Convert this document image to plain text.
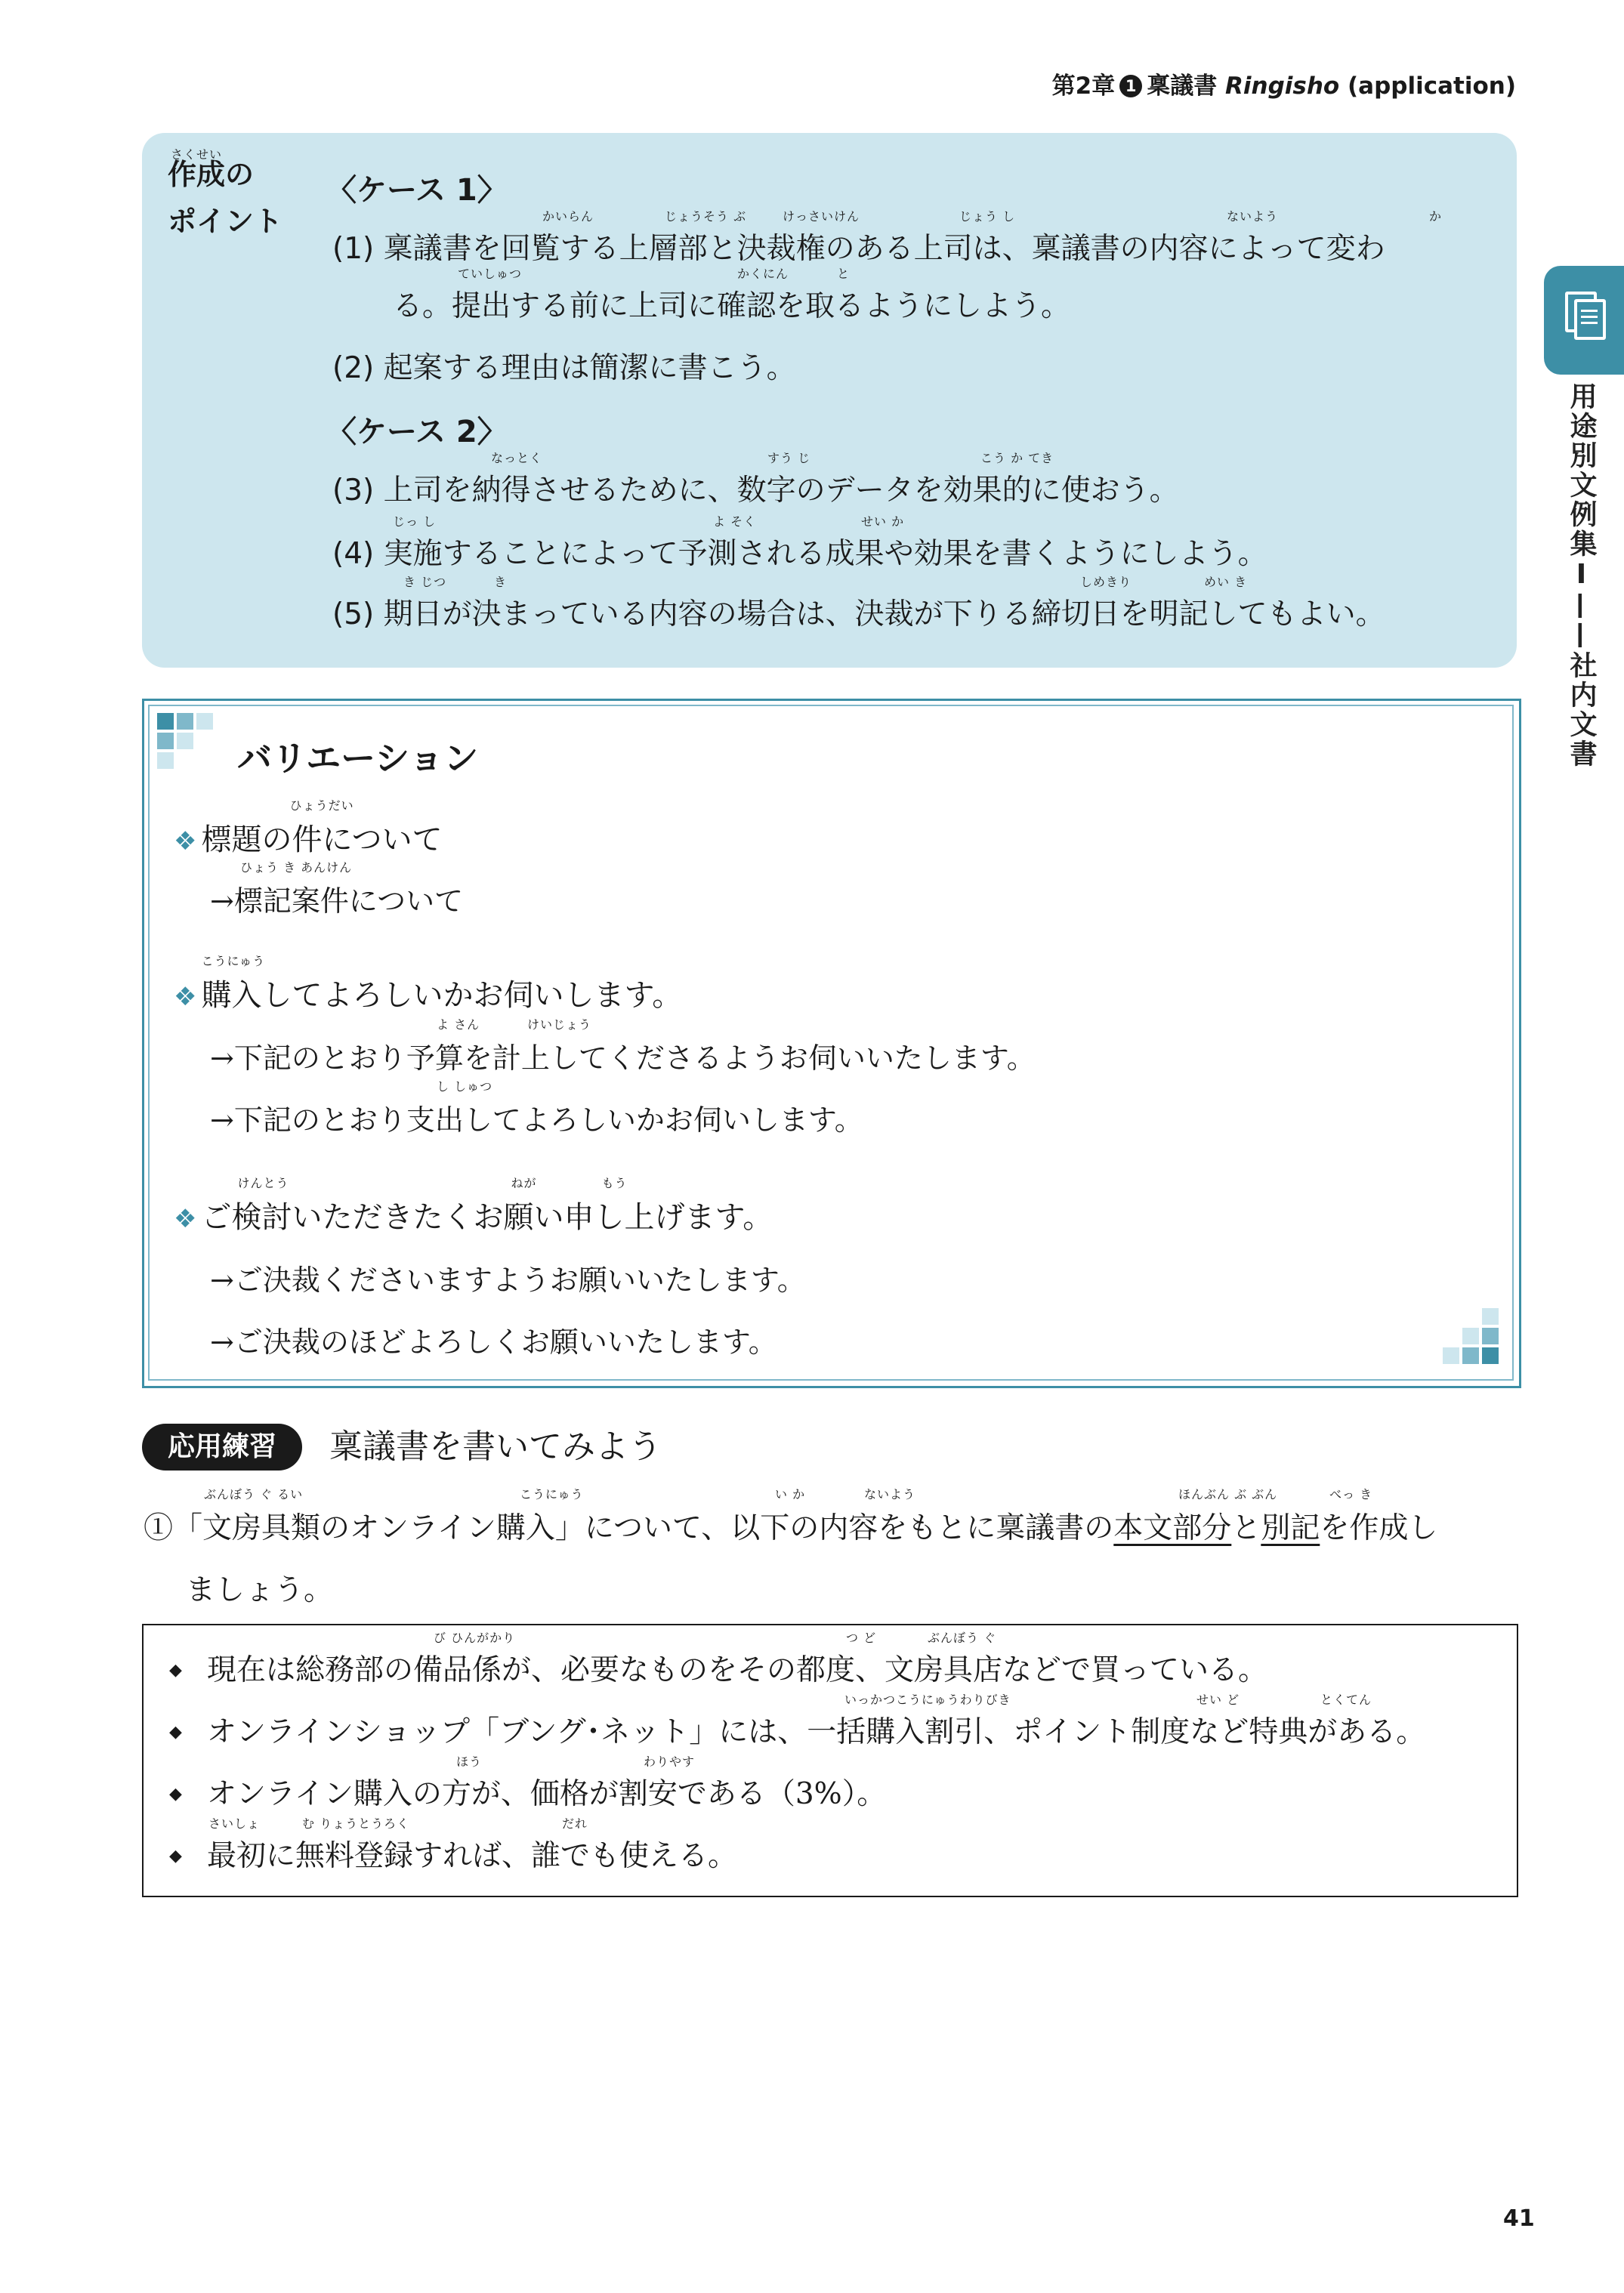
第2章 1 稟議書 Ringisho (application)
用途別文例集Ⅰ——社内文書
さくせい
作成の
ポイント
〈ケース 1〉
(1) 稟議書を回覧する上層部と決裁権のある上司は、稟議書の内容によって変わ
る。提出する前に上司に確認を取るようにしよう。
(2) 起案する理由は簡潔に書こう。
〈ケース 2〉
(3) 上司を納得させるために、数字のデータを効果的に使おう。
(4) 実施することによって予測される成果や効果を書くようにしよう。
(5) 期日が決まっている内容の場合は、決裁が下りる締切日を明記してもよい。
バリエーション
❖
ひょうだい
標題の件について
ひょう き あんけん
→標記案件について
❖
こうにゅう
購入してよろしいかお伺いします。
よ さん	けいじょう
→下記のとおり予算を計上してくださるようお伺いいたします。
し しゅつ
→下記のとおり支出してよろしいかお伺いします。
❖
けんとう	ねが	もう
ご検討いただきたくお願い申し上げます。
→ご決裁くださいますようお願いいたします。
→ご決裁のほどよろしくお願いいたします。
応用練習	稟議書を書いてみよう
①「文房具類のオンライン購入」について、以下の内容をもとに稟議書の本文部分と別記を作成し
ぶんぼう ぐ るい	こうにゅう	い か	ないよう	ほんぶん ぶ ぶん	べっ き
ましょう。
◆ 現在は総務部の備品係が、必要なものをその都度、文房具店などで買っている。
び ひんがかり	つ ど	ぶんぼう ぐ
◆ オンラインショップ「ブング･ネット」には、一括購入割引、ポイント制度など特典がある。
いっかつこうにゅうわりびき	せい ど	とくてん
◆ オンライン購入の方が、価格が割安である（3%）。
ほう	わりやす
◆ 最初に無料登録すれば、誰でも使える。
さいしょ	む りょうとうろく	だれ
41
